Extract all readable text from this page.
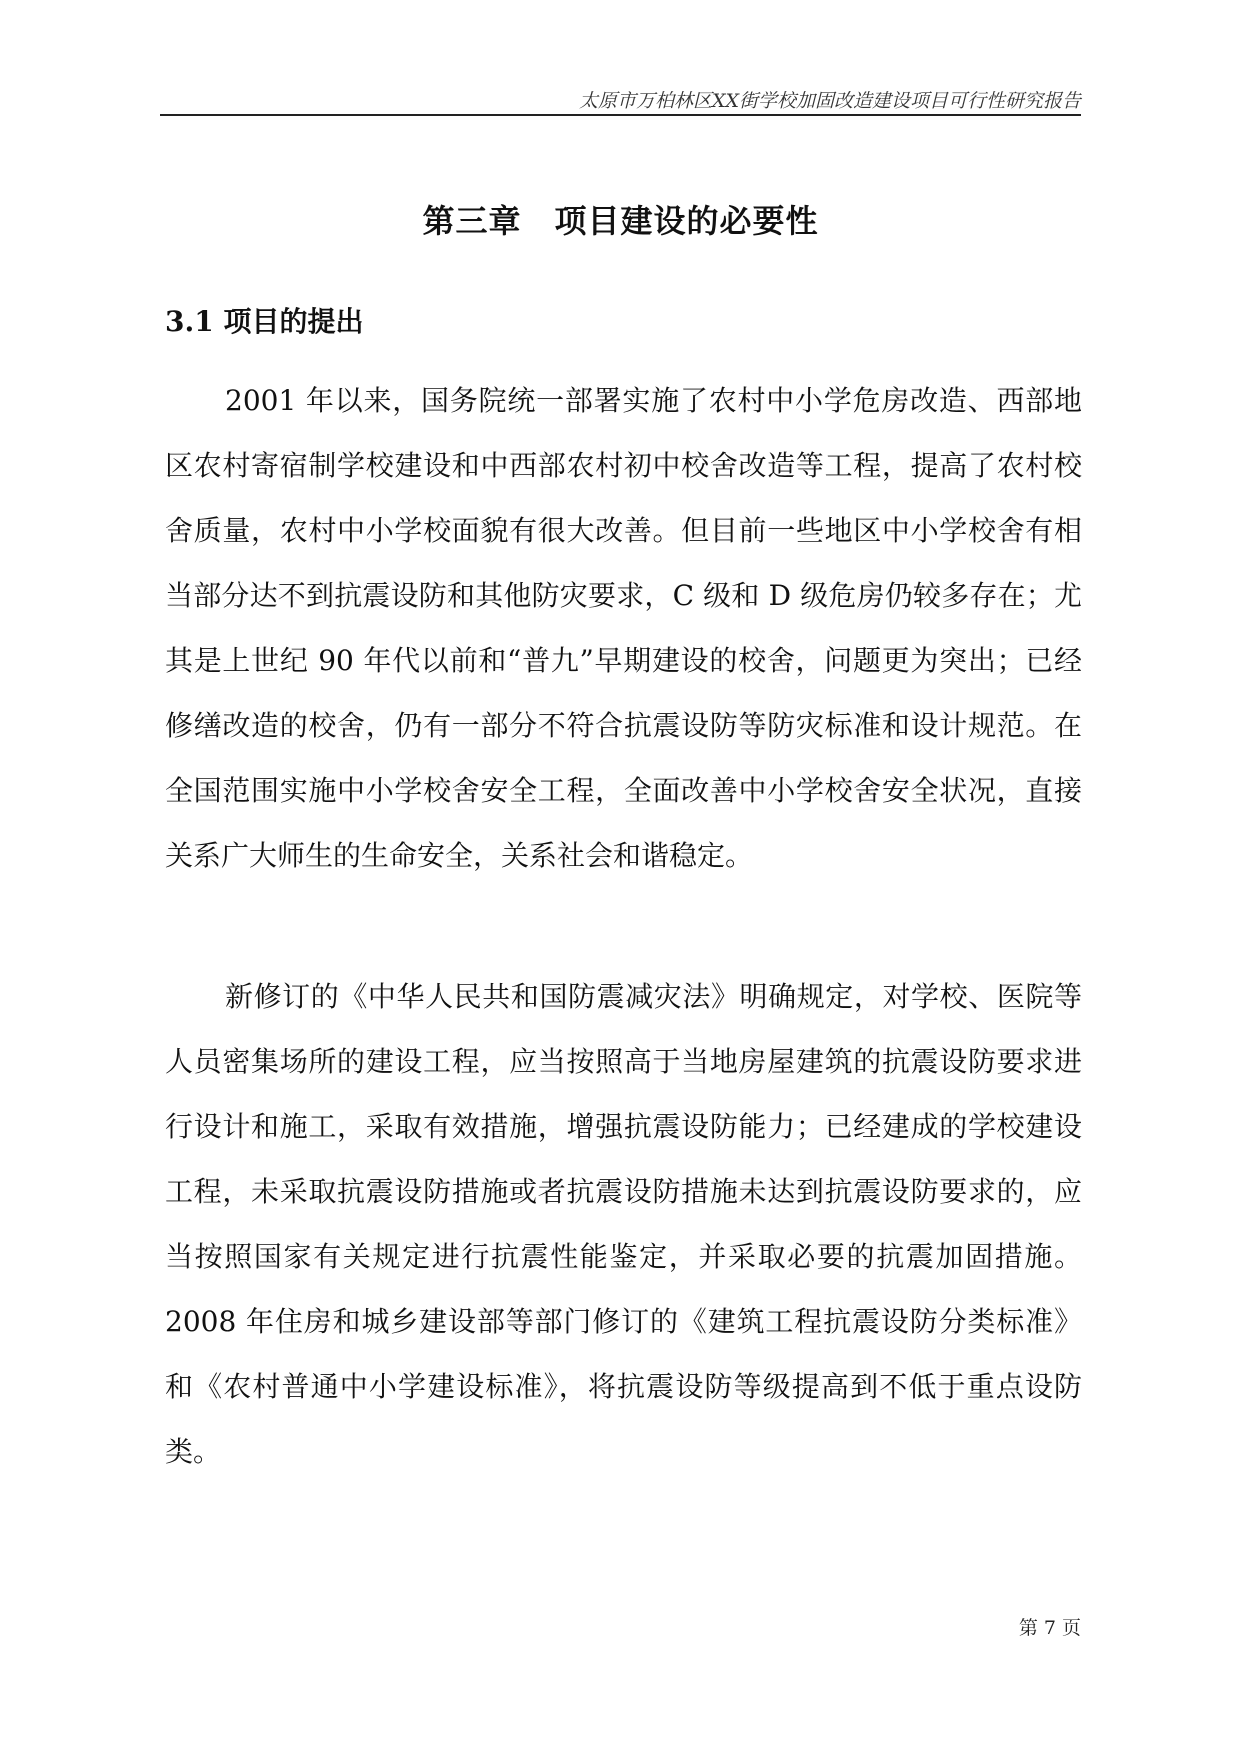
太原市万柏林区XX街学校加固改造建设项目可行性研究报告
第三章　项目建设的必要性
3.1 项目的提出

2001 年以来，国务院统一部署实施了农村中小学危房改造、西部地区农村寄宿制学校建设和中西部农村初中校舍改造等工程，提高了农村校舍质量，农村中小学校面貌有很大改善。但目前一些地区中小学校舍有相当部分达不到抗震设防和其他防灾要求，C 级和 D 级危房仍较多存在；尤其是上世纪 90 年代以前和“普九”早期建设的校舍，问题更为突出；已经修缮改造的校舍，仍有一部分不符合抗震设防等防灾标准和设计规范。在全国范围实施中小学校舍安全工程，全面改善中小学校舍安全状况，直接关系广大师生的生命安全，关系社会和谐稳定。

新修订的《中华人民共和国防震减灾法》明确规定，对学校、医院等人员密集场所的建设工程，应当按照高于当地房屋建筑的抗震设防要求进行设计和施工，采取有效措施，增强抗震设防能力；已经建成的学校建设工程，未采取抗震设防措施或者抗震设防措施未达到抗震设防要求的，应当按照国家有关规定进行抗震性能鉴定，并采取必要的抗震加固措施。2008 年住房和城乡建设部等部门修订的《建筑工程抗震设防分类标准》和《农村普通中小学建设标准》，将抗震设防等级提高到不低于重点设防类。

第 7 页
